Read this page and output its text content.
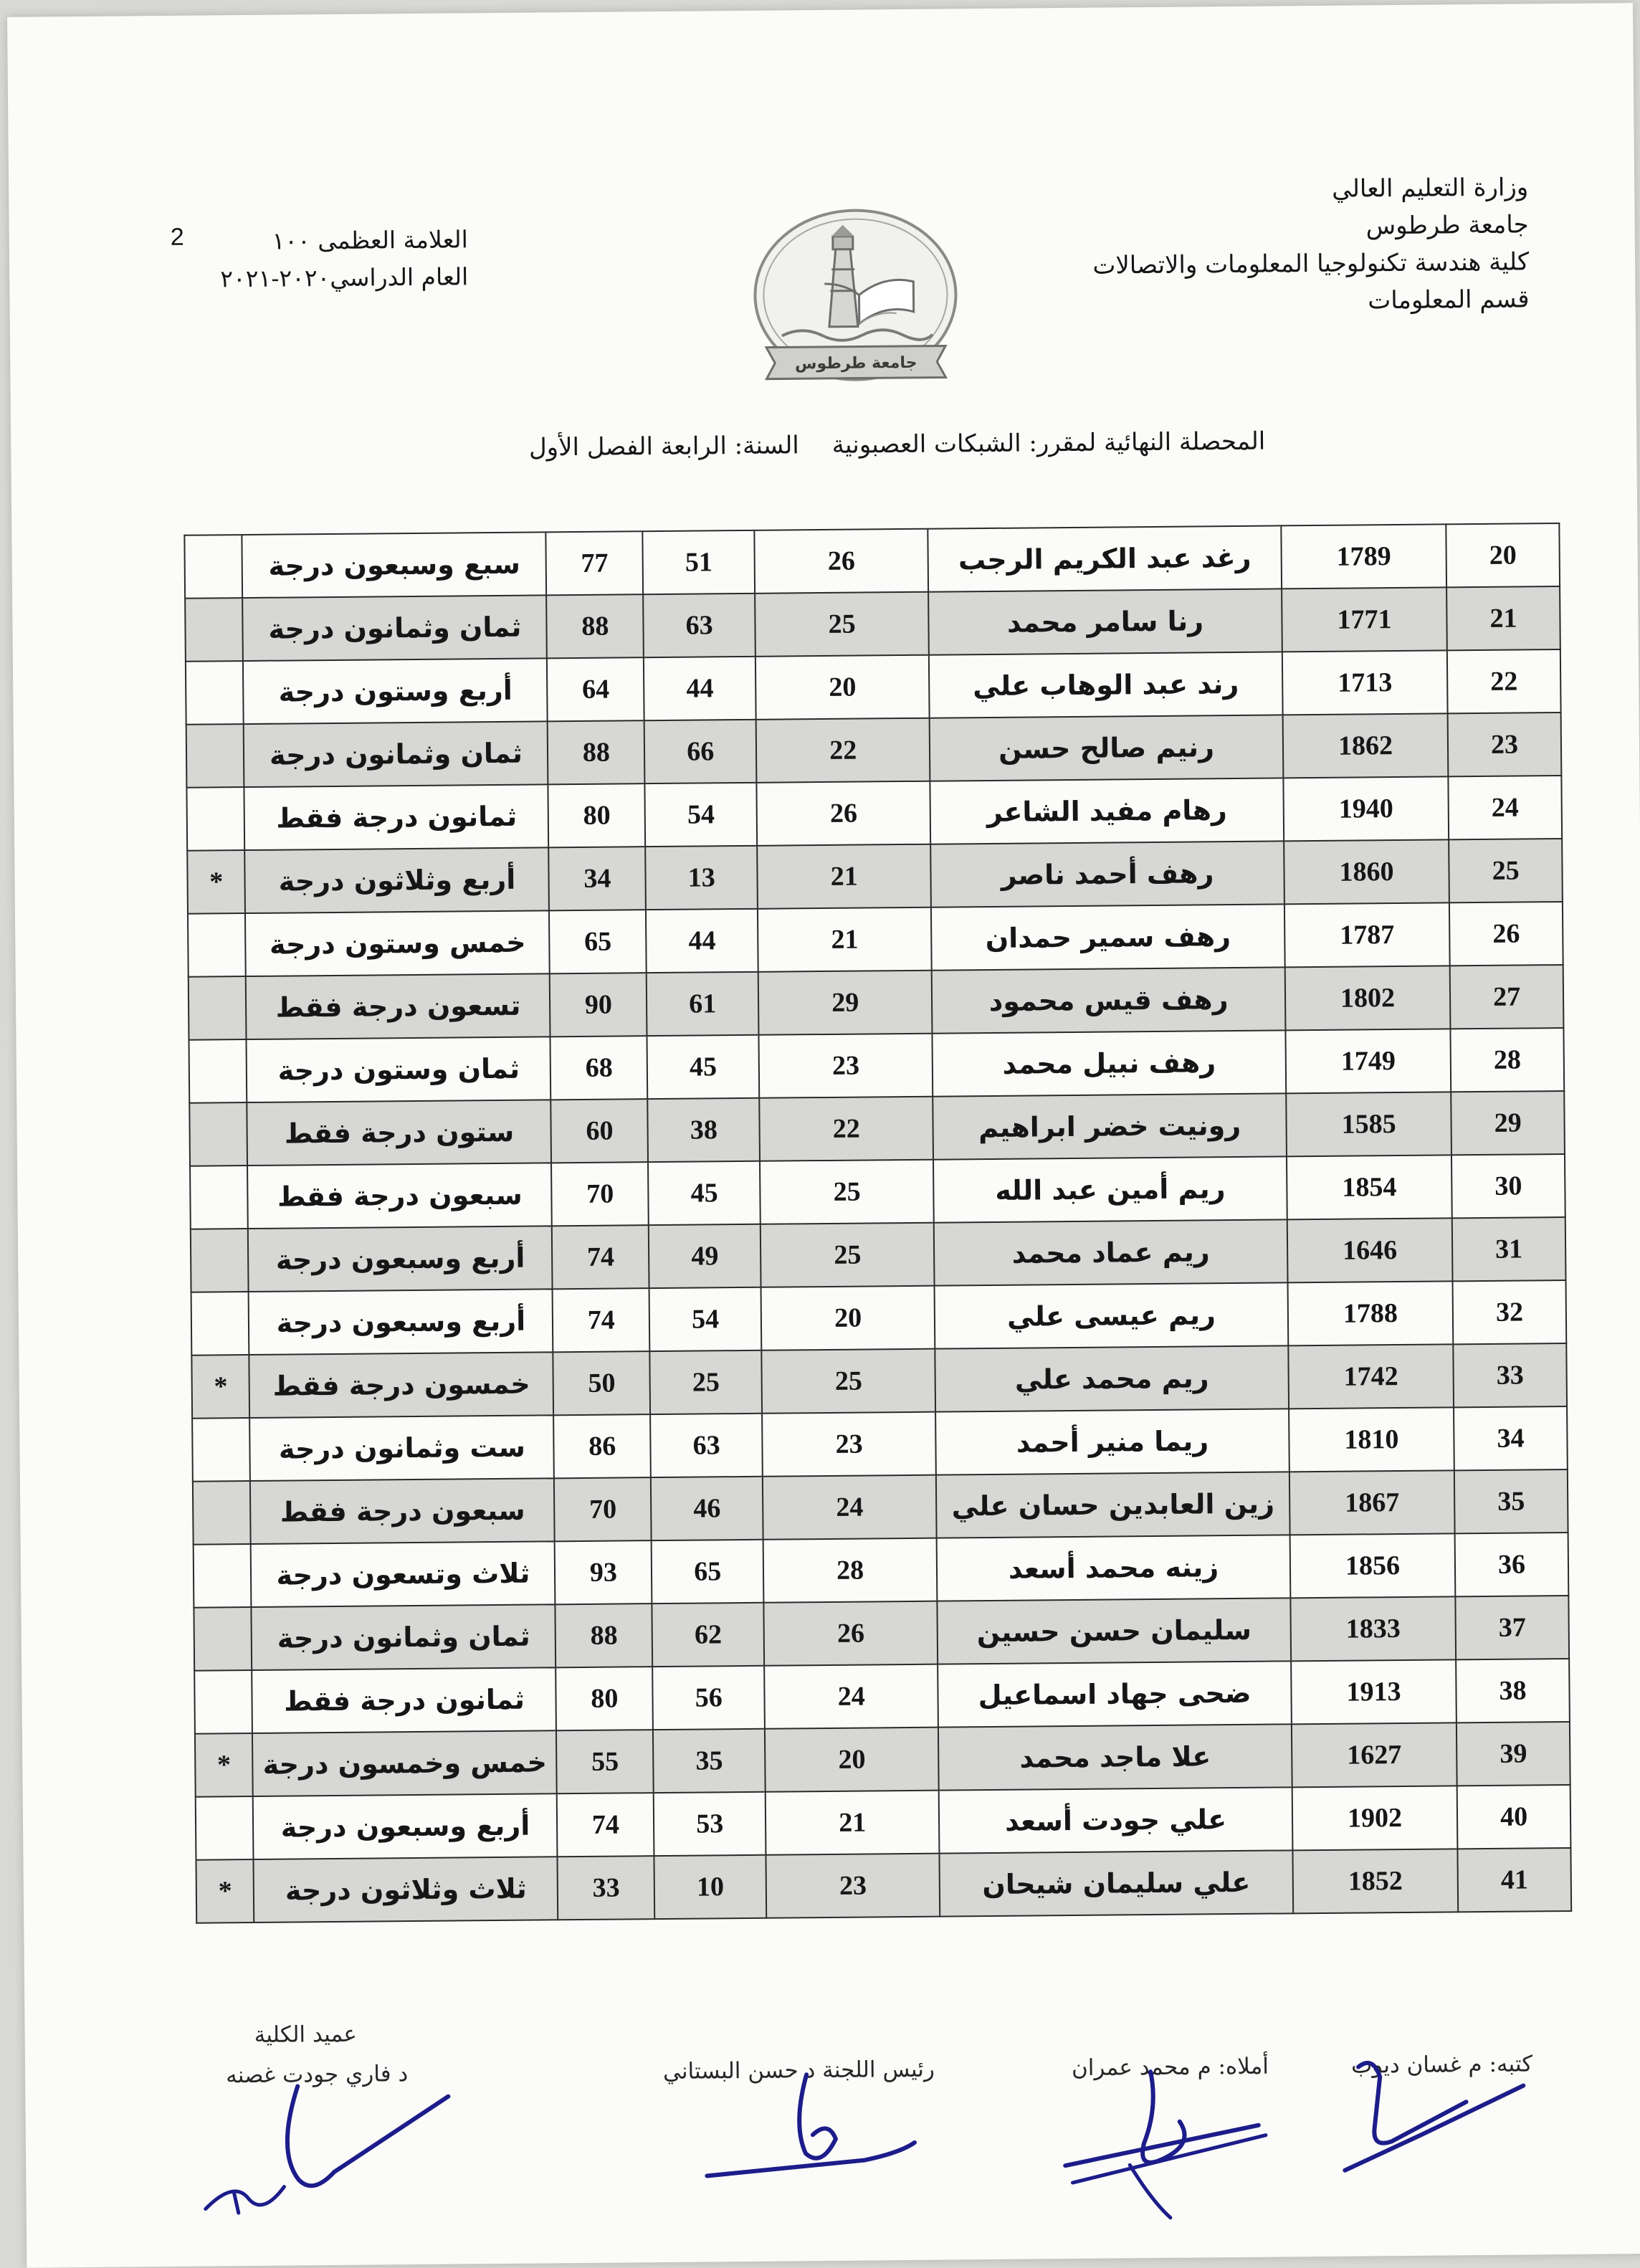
وزارة التعليم العالي
جامعة طرطوس
كلية هندسة تكنولوجيا المعلومات والاتصالات
قسم المعلومات
2	العلامة العظمى ١٠٠
العام الدراسي٢٠٢٠-٢٠٢١
جامعة طرطوس
المحصلة النهائية لمقرر: الشبكات العصبونيةالسنة: الرابعة الفصل الأول
20	1789	رغد عبد الكريم الرجب	26	51	77	سبع وسبعون درجة	
21	1771	رنا سامر محمد	25	63	88	ثمان وثمانون درجة	
22	1713	رند عبد الوهاب علي	20	44	64	أربع وستون درجة	
23	1862	رنيم صالح حسن	22	66	88	ثمان وثمانون درجة	
24	1940	رهام مفيد الشاعر	26	54	80	ثمانون درجة فقط	
25	1860	رهف أحمد ناصر	21	13	34	أربع وثلاثون درجة	*
26	1787	رهف سمير حمدان	21	44	65	خمس وستون درجة	
27	1802	رهف قيس محمود	29	61	90	تسعون درجة فقط	
28	1749	رهف نبيل محمد	23	45	68	ثمان وستون درجة	
29	1585	رونيت خضر ابراهيم	22	38	60	ستون درجة فقط	
30	1854	ريم أمين عبد الله	25	45	70	سبعون درجة فقط	
31	1646	ريم عماد محمد	25	49	74	أربع وسبعون درجة	
32	1788	ريم عيسى علي	20	54	74	أربع وسبعون درجة	
33	1742	ريم محمد علي	25	25	50	خمسون درجة فقط	*
34	1810	ريما منير أحمد	23	63	86	ست وثمانون درجة	
35	1867	زين العابدين حسان علي	24	46	70	سبعون درجة فقط	
36	1856	زينه محمد أسعد	28	65	93	ثلاث وتسعون درجة	
37	1833	سليمان حسن حسين	26	62	88	ثمان وثمانون درجة	
38	1913	ضحى جهاد اسماعيل	24	56	80	ثمانون درجة فقط	
39	1627	علا ماجد محمد	20	35	55	خمس وخمسون درجة	*
40	1902	علي جودت أسعد	21	53	74	أربع وسبعون درجة	
41	1852	علي سليمان شيحان	23	10	33	ثلاث وثلاثون درجة	*
كتبه: م غسان ديوب
أملاه: م محمد عمران
رئيس اللجنة د حسن البستاني
عميد الكلية
د فاري جودت غصنه
